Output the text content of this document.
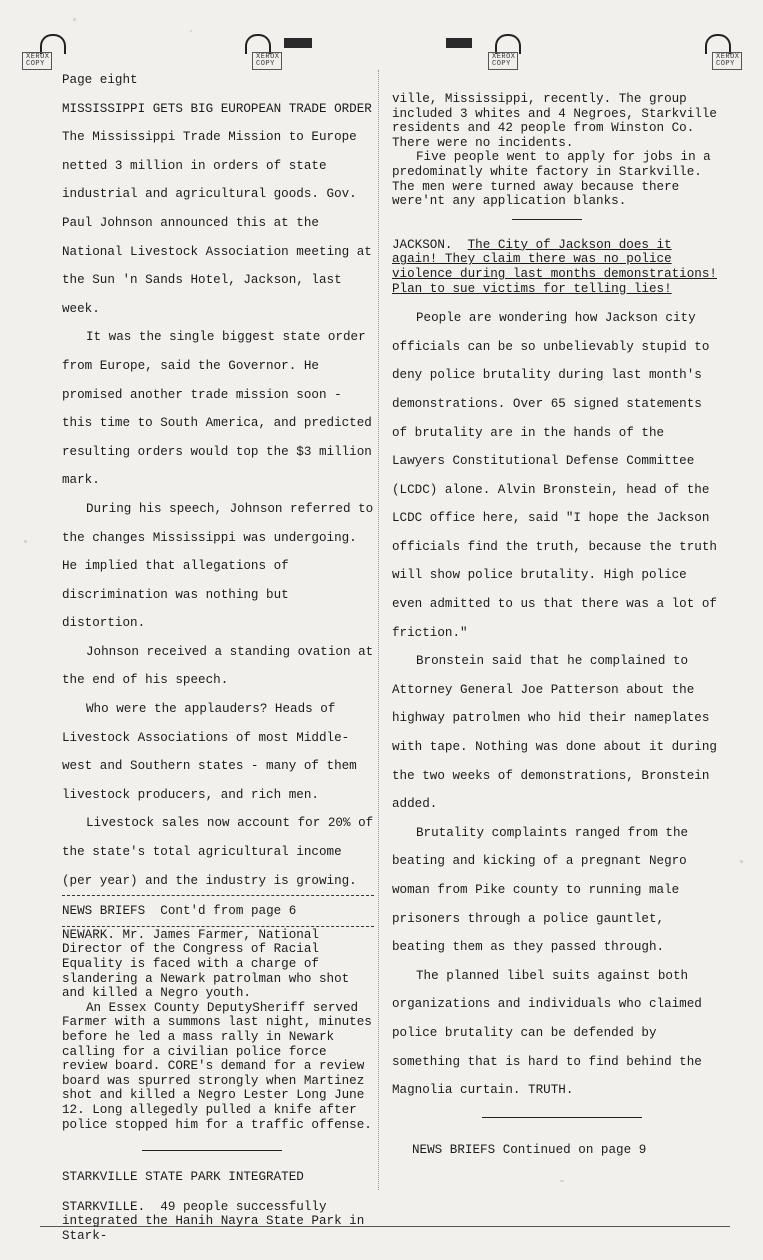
XEROX COPY
XEROX COPY
XEROX COPY
XEROX COPY
Page eight
MISSISSIPPI GETS BIG EUROPEAN TRADE ORDER

The Mississippi Trade Mission to Europe netted 3 million in orders of state industrial and agricultural goods. Gov. Paul Johnson announced this at the National Livestock Association meeting at the Sun 'n Sands Hotel, Jackson, last week.

It was the single biggest state order from Europe, said the Governor. He promised another trade mission soon - this time to South America, and predicted resulting orders would top the $3 million mark.

During his speech, Johnson referred to the changes Mississippi was undergoing. He implied that allegations of discrimination was nothing but distortion.

Johnson received a standing ovation at the end of his speech.

Who were the applauders? Heads of Livestock Associations of most Middle-west and Southern states - many of them livestock producers, and rich men.

Livestock sales now account for 20% of the state's total agricultural income (per year) and the industry is growing.

NEWS BRIEFS Cont'd from page 6

NEWARK. Mr. James Farmer, National Director of the Congress of Racial Equality is faced with a charge of slandering a Newark patrolman who shot and killed a Negro youth.

An Essex County DeputySheriff served Farmer with a summons last night, minutes before he led a mass rally in Newark calling for a civilian police force review board. CORE's demand for a review board was spurred strongly when Martinez shot and killed a Negro Lester Long June 12. Long allegedly pulled a knife after police stopped him for a traffic offense.

STARKVILLE STATE PARK INTEGRATED

STARKVILLE. 49 people successfully integrated the Hanih Nayra State Park in Stark-

ville, Mississippi, recently. The group included 3 whites and 4 Negroes, Starkville residents and 42 people from Winston Co. There were no incidents.

Five people went to apply for jobs in a predominatly white factory in Starkville. The men were turned away because there were'nt any application blanks.

JACKSON. The City of Jackson does it again! They claim there was no police violence during last months demonstrations! Plan to sue victims for telling lies!

People are wondering how Jackson city officials can be so unbelievably stupid to deny police brutality during last month's demonstrations. Over 65 signed statements of brutality are in the hands of the Lawyers Constitutional Defense Committee (LCDC) alone. Alvin Bronstein, head of the LCDC office here, said "I hope the Jackson officials find the truth, because the truth will show police brutality. High police even admitted to us that there was a lot of friction."

Bronstein said that he complained to Attorney General Joe Patterson about the highway patrolmen who hid their nameplates with tape. Nothing was done about it during the two weeks of demonstrations, Bronstein added.

Brutality complaints ranged from the beating and kicking of a pregnant Negro woman from Pike county to running male prisoners through a police gauntlet, beating them as they passed through.

The planned libel suits against both organizations and individuals who claimed police brutality can be defended by something that is hard to find behind the Magnolia curtain. TRUTH.

NEWS BRIEFS Continued on page 9
